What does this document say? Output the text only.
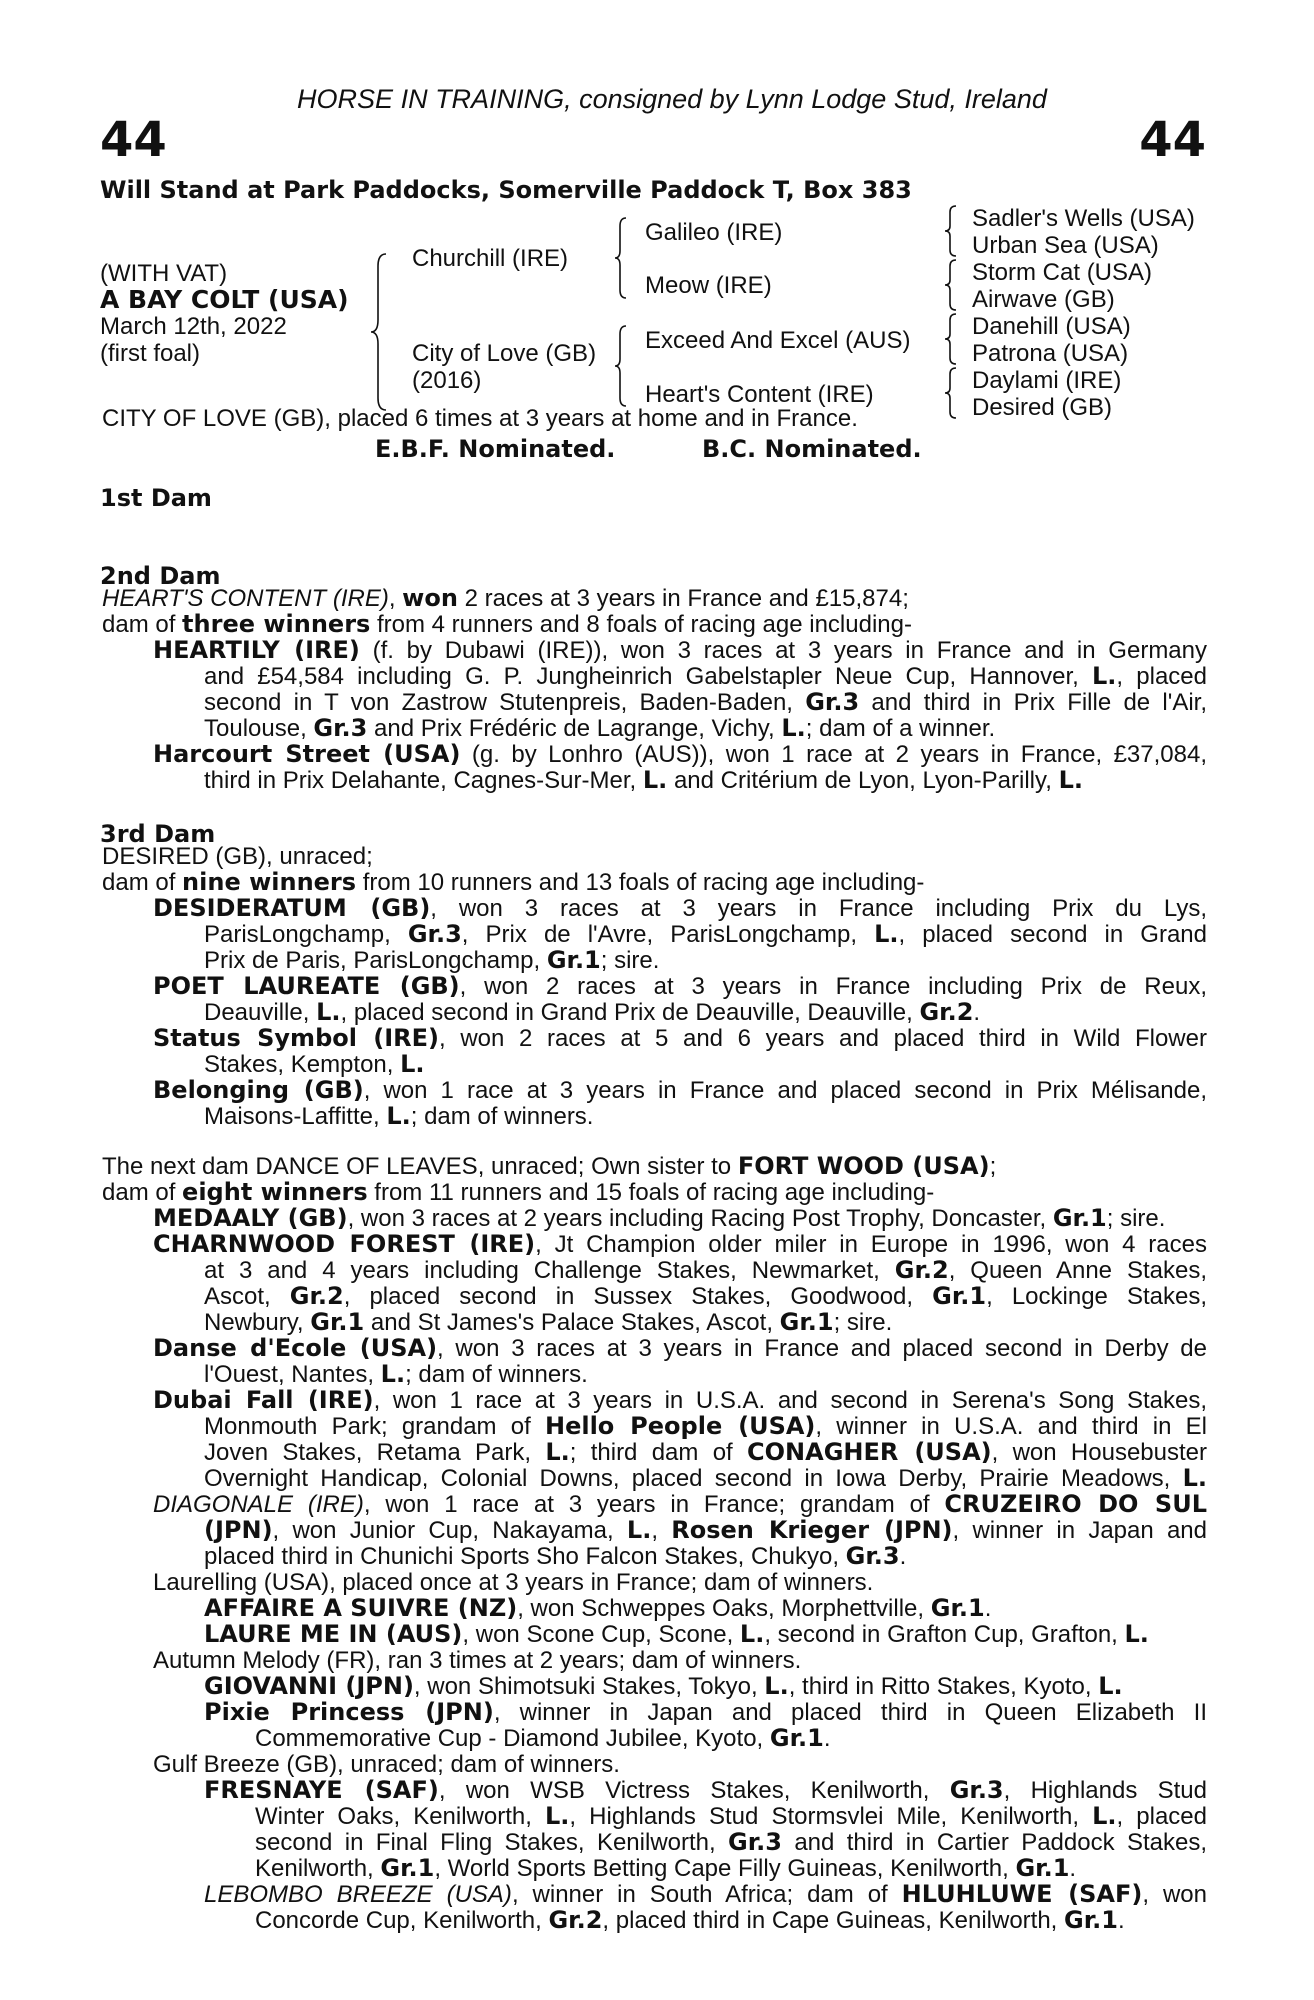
HORSE IN TRAINING, consigned by Lynn Lodge Stud, Ireland
44	44
Will Stand at Park Paddocks, Somerville Paddock T, Box 383
(WITH VAT)
A BAY COLT (USA)
March 12th, 2022
(first foal)
Churchill (IRE)
City of Love (GB)
(2016)
Galileo (IRE)
Meow (IRE)
Exceed And Excel (AUS)
Heart's Content (IRE)
Sadler's Wells (USA)
Urban Sea (USA)
Storm Cat (USA)
Airwave (GB)
Danehill (USA)
Patrona (USA)
Daylami (IRE)
Desired (GB)
E.B.F. Nominated.	B.C. Nominated.
1st Dam
2nd Dam
3rd Dam
CITY OF LOVE (GB), placed 6 times at 3 years at home and in France.
HEART'S CONTENT (IRE), won 2 races at 3 years in France and £15,874;
dam of three winners from 4 runners and 8 foals of racing age including-
HEARTILY (IRE) (f. by Dubawi (IRE)), won 3 races at 3 years in France and in Germany
and £54,584 including G. P. Jungheinrich Gabelstapler Neue Cup, Hannover, L., placed
second in T von Zastrow Stutenpreis, Baden-Baden, Gr.3 and third in Prix Fille de l'Air,
Toulouse, Gr.3 and Prix Frédéric de Lagrange, Vichy, L.; dam of a winner.
Harcourt Street (USA) (g. by Lonhro (AUS)), won 1 race at 2 years in France, £37,084,
third in Prix Delahante, Cagnes-Sur-Mer, L. and Critérium de Lyon, Lyon-Parilly, L.
DESIRED (GB), unraced;
dam of nine winners from 10 runners and 13 foals of racing age including-
DESIDERATUM (GB), won 3 races at 3 years in France including Prix du Lys,
ParisLongchamp, Gr.3, Prix de l'Avre, ParisLongchamp, L., placed second in Grand
Prix de Paris, ParisLongchamp, Gr.1; sire.
POET LAUREATE (GB), won 2 races at 3 years in France including Prix de Reux,
Deauville, L., placed second in Grand Prix de Deauville, Deauville, Gr.2.
Status Symbol (IRE), won 2 races at 5 and 6 years and placed third in Wild Flower
Stakes, Kempton, L.
Belonging (GB), won 1 race at 3 years in France and placed second in Prix Mélisande,
Maisons-Laffitte, L.; dam of winners.
The next dam DANCE OF LEAVES, unraced; Own sister to FORT WOOD (USA);
dam of eight winners from 11 runners and 15 foals of racing age including-
MEDAALY (GB), won 3 races at 2 years including Racing Post Trophy, Doncaster, Gr.1; sire.
CHARNWOOD FOREST (IRE), Jt Champion older miler in Europe in 1996, won 4 races
at 3 and 4 years including Challenge Stakes, Newmarket, Gr.2, Queen Anne Stakes,
Ascot, Gr.2, placed second in Sussex Stakes, Goodwood, Gr.1, Lockinge Stakes,
Newbury, Gr.1 and St James's Palace Stakes, Ascot, Gr.1; sire.
Danse d'Ecole (USA), won 3 races at 3 years in France and placed second in Derby de
l'Ouest, Nantes, L.; dam of winners.
Dubai Fall (IRE), won 1 race at 3 years in U.S.A. and second in Serena's Song Stakes,
Monmouth Park; grandam of Hello People (USA), winner in U.S.A. and third in El
Joven Stakes, Retama Park, L.; third dam of CONAGHER (USA), won Housebuster
Overnight Handicap, Colonial Downs, placed second in Iowa Derby, Prairie Meadows, L.
DIAGONALE (IRE), won 1 race at 3 years in France; grandam of CRUZEIRO DO SUL
(JPN), won Junior Cup, Nakayama, L., Rosen Krieger (JPN), winner in Japan and
placed third in Chunichi Sports Sho Falcon Stakes, Chukyo, Gr.3.
Laurelling (USA), placed once at 3 years in France; dam of winners.
AFFAIRE A SUIVRE (NZ), won Schweppes Oaks, Morphettville, Gr.1.
LAURE ME IN (AUS), won Scone Cup, Scone, L., second in Grafton Cup, Grafton, L.
Autumn Melody (FR), ran 3 times at 2 years; dam of winners.
GIOVANNI (JPN), won Shimotsuki Stakes, Tokyo, L., third in Ritto Stakes, Kyoto, L.
Pixie Princess (JPN), winner in Japan and placed third in Queen Elizabeth II
Commemorative Cup - Diamond Jubilee, Kyoto, Gr.1.
Gulf Breeze (GB), unraced; dam of winners.
FRESNAYE (SAF), won WSB Victress Stakes, Kenilworth, Gr.3, Highlands Stud
Winter Oaks, Kenilworth, L., Highlands Stud Stormsvlei Mile, Kenilworth, L., placed
second in Final Fling Stakes, Kenilworth, Gr.3 and third in Cartier Paddock Stakes,
Kenilworth, Gr.1, World Sports Betting Cape Filly Guineas, Kenilworth, Gr.1.
LEBOMBO BREEZE (USA), winner in South Africa; dam of HLUHLUWE (SAF), won
Concorde Cup, Kenilworth, Gr.2, placed third in Cape Guineas, Kenilworth, Gr.1.
